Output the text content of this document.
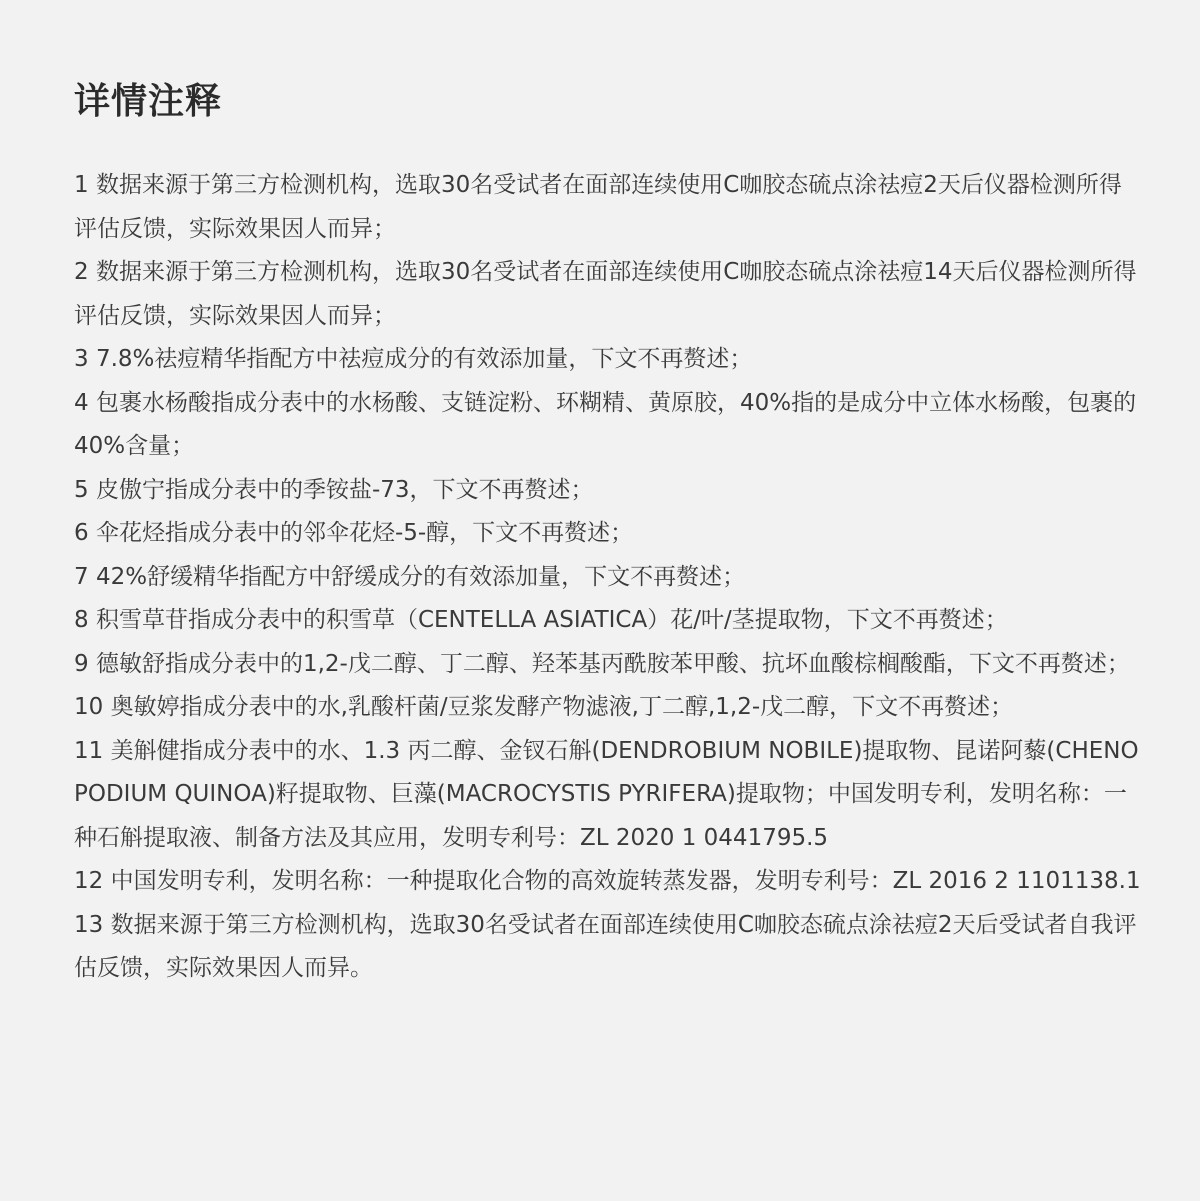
详情注释
1 数据来源于第三方检测机构，选取30名受试者在面部连续使用C咖胶态硫点涂祛痘2天后仪器检测所得评估反馈，实际效果因人而异；
2 数据来源于第三方检测机构，选取30名受试者在面部连续使用C咖胶态硫点涂祛痘14天后仪器检测所得评估反馈，实际效果因人而异；
3 7.8%祛痘精华指配方中祛痘成分的有效添加量，下文不再赘述；
4 包裹水杨酸指成分表中的水杨酸、支链淀粉、环糊精、黄原胶，40%指的是成分中立体水杨酸，包裹的40%含量；
5 皮傲宁指成分表中的季铵盐-73，下文不再赘述；
6 伞花烃指成分表中的邻伞花烃-5-醇，下文不再赘述；
7 42%舒缓精华指配方中舒缓成分的有效添加量，下文不再赘述；
8 积雪草苷指成分表中的积雪草（CENTELLA ASIATICA）花/叶/茎提取物，下文不再赘述；
9 德敏舒指成分表中的1,2-戊二醇、丁二醇、羟苯基丙酰胺苯甲酸、抗坏血酸棕榈酸酯，下文不再赘述；
10 奥敏婷指成分表中的水,乳酸杆菌/豆浆发酵产物滤液,丁二醇,1,2-戊二醇，下文不再赘述；
11 美斛健指成分表中的水、1.3 丙二醇、金钗石斛(DENDROBIUM NOBILE)提取物、昆诺阿藜(CHENOPODIUM QUINOA)籽提取物、巨藻(MACROCYSTIS PYRIFERA)提取物；中国发明专利，发明名称：一种石斛提取液、制备方法及其应用，发明专利号：ZL 2020 1 0441795.5
12 中国发明专利，发明名称：一种提取化合物的高效旋转蒸发器，发明专利号：ZL 2016 2 1101138.1
13 数据来源于第三方检测机构，选取30名受试者在面部连续使用C咖胶态硫点涂祛痘2天后受试者自我评估反馈，实际效果因人而异。
